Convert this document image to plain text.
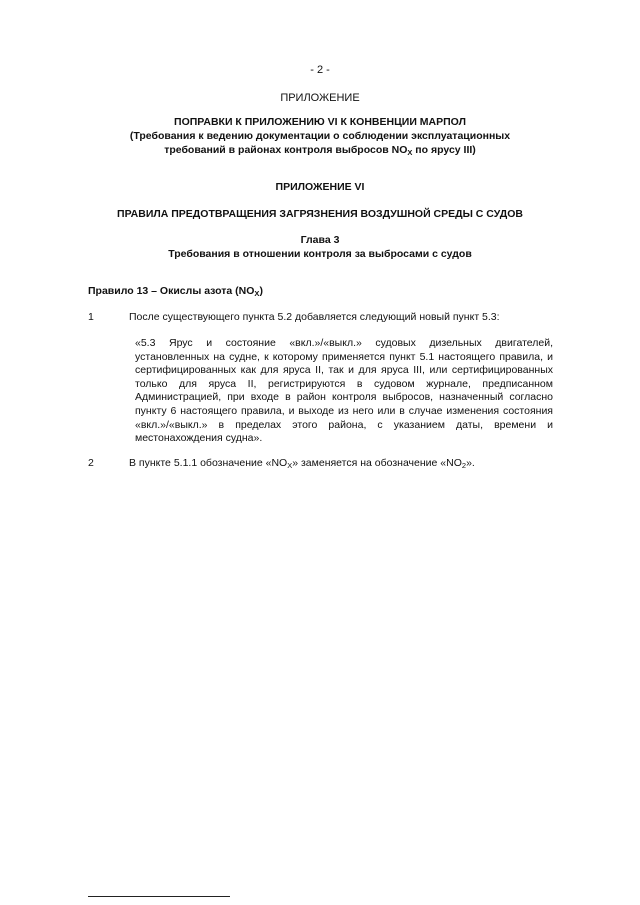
- 2 -
ПРИЛОЖЕНИЕ
ПОПРАВКИ К ПРИЛОЖЕНИЮ VI К КОНВЕНЦИИ МАРПОЛ
(Требования к ведению документации о соблюдении эксплуатационных
требований в районах контроля выбросов $NO_X$ по ярусу III)
ПРИЛОЖЕНИЕ VI
ПРАВИЛА ПРЕДОТВРАЩЕНИЯ ЗАГРЯЗНЕНИЯ ВОЗДУШНОЙ СРЕДЫ С СУДОВ
Глава 3
Требования в отношении контроля за выбросами с судов
Правило 13 – Окислы азота $(NO_X)$
1	После существующего пункта 5.2 добавляется следующий новый пункт 5.3:
«5.3 Ярус и состояние «вкл.»/«выкл.» судовых дизельных двигателей, установленных на судне, к которому применяется пункт 5.1 настоящего правила, и сертифицированных как для яруса II, так и для яруса III, или сертифицированных только для яруса II, регистрируются в судовом журнале, предписанном Администрацией, при входе в район контроля выбросов, назначенный согласно пункту 6 настоящего правила, и выходе из него или в случае изменения состояния «вкл.»/«выкл.» в пределах этого района, с указанием даты, времени и местонахождения судна».
2	В пункте 5.1.1 обозначение «$NO_X$» заменяется на обозначение «$NO_2$».
